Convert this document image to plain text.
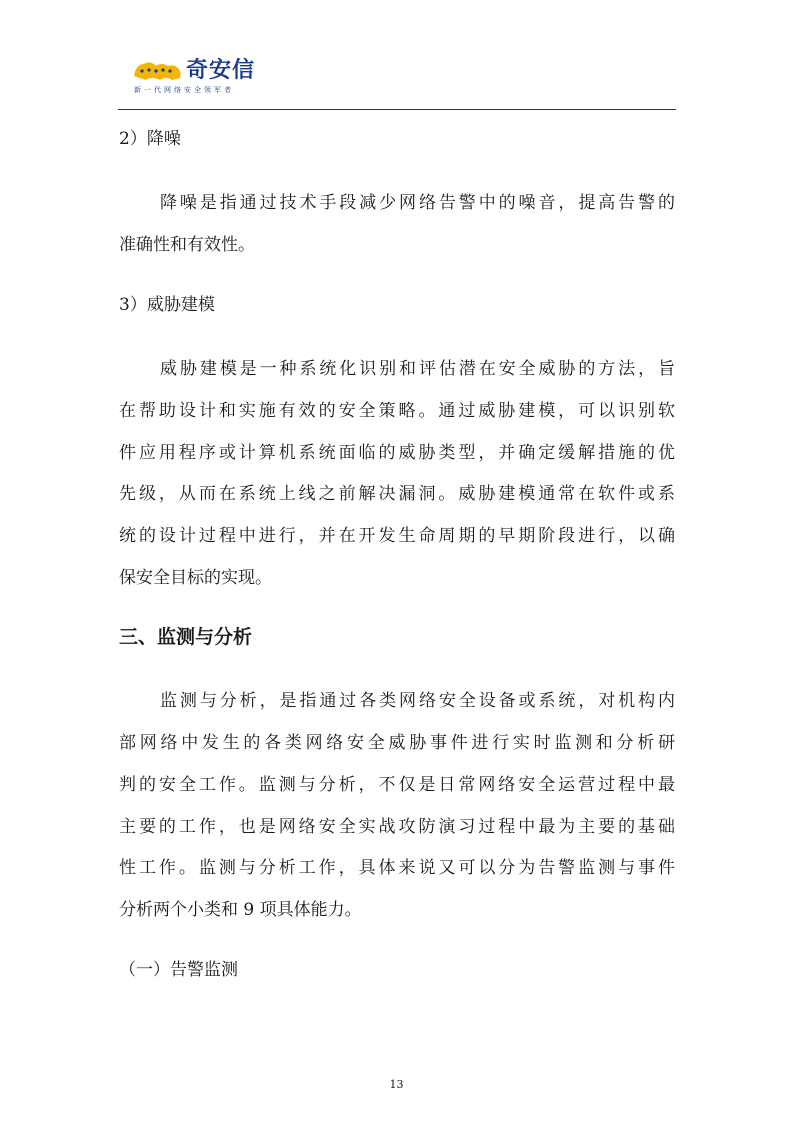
奇安信
新一代网络安全领军者
2）降噪
降噪是指通过技术手段减少网络告警中的噪音，提高告警的
准确性和有效性。
3）威胁建模
威胁建模是一种系统化识别和评估潜在安全威胁的方法，旨
在帮助设计和实施有效的安全策略。通过威胁建模，可以识别软
件应用程序或计算机系统面临的威胁类型，并确定缓解措施的优
先级，从而在系统上线之前解决漏洞。威胁建模通常在软件或系
统的设计过程中进行，并在开发生命周期的早期阶段进行，以确
保安全目标的实现。
三、监测与分析
监测与分析，是指通过各类网络安全设备或系统，对机构内
部网络中发生的各类网络安全威胁事件进行实时监测和分析研
判的安全工作。监测与分析，不仅是日常网络安全运营过程中最
主要的工作，也是网络安全实战攻防演习过程中最为主要的基础
性工作。监测与分析工作，具体来说又可以分为告警监测与事件
分析两个小类和 9 项具体能力。
（一）告警监测
13
